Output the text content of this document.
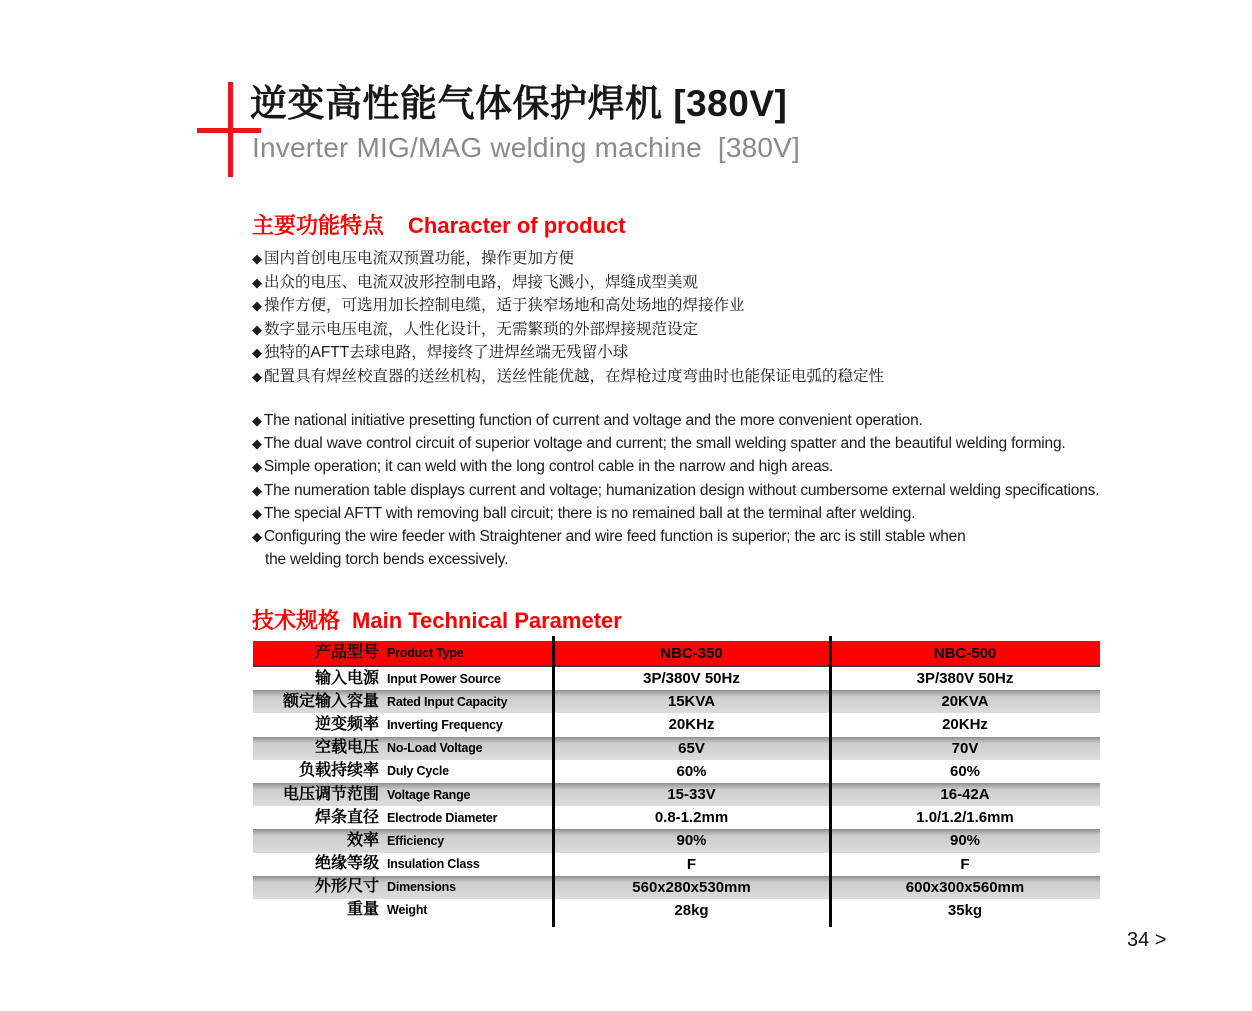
逆变高性能气体保护焊机 [380V]
Inverter MIG/MAG welding machine  [380V]
主要功能特点 Character of product
◆ 国内首创电压电流双预置功能，操作更加方便
◆ 出众的电压、电流双波形控制电路，焊接飞溅小，焊缝成型美观
◆ 操作方便，可选用加长控制电缆，适于狭窄场地和高处场地的焊接作业
◆ 数字显示电压电流，人性化设计，无需繁琐的外部焊接规范设定
◆ 独特的AFTT去球电路，焊接终了进焊丝端无残留小球
◆ 配置具有焊丝校直器的送丝机构，送丝性能优越，在焊枪过度弯曲时也能保证电弧的稳定性
◆ The national initiative presetting function of current and voltage and the more convenient operation.
◆ The dual wave control circuit of superior voltage and current; the small welding spatter and the beautiful welding forming.
◆ Simple operation; it can weld with the long control cable in the narrow and high areas.
◆ The numeration table displays current and voltage; humanization design without cumbersome external welding specifications.
◆ The special AFTT with removing ball circuit; there is no remained ball at the terminal after welding.
◆ Configuring the wire feeder with Straightener and wire feed function is superior; the arc is still stable when
the welding torch bends excessively.
技术规格 Main Technical Parameter
产品型号 Product Type	NBC-350	NBC-500
输入电源 Input Power Source	3P/380V 50Hz	3P/380V 50Hz
额定输入容量 Rated Input Capacity	15KVA	20KVA
逆变频率 Inverting Frequency	20KHz	20KHz
空载电压 No-Load Voltage	65V	70V
负载持续率 Duly Cycle	60%	60%
电压调节范围 Voltage Range	15-33V	16-42A
焊条直径 Electrode Diameter	0.8-1.2mm	1.0/1.2/1.6mm
效率 Efficiency	90%	90%
绝缘等级 Insulation Class	F	F
外形尺寸 Dimensions	560x280x530mm	600x300x560mm
重量 Weight	28kg	35kg
34 >
